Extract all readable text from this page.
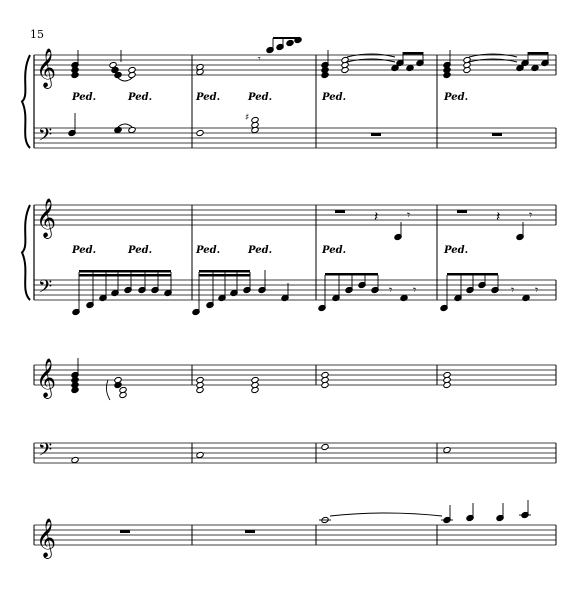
15
𝄞
𝄢
Ped.	Ped.
𝄾
Ped.	Ped.
♯
Ped.	Ped.
𝄞
𝄢
Ped.	Ped.	Ped.	Ped.	Ped.	Ped.
𝄽 𝄾	𝄽 𝄾
𝄾 𝄾	𝄾 𝄾
𝄞
𝄢
𝄞
